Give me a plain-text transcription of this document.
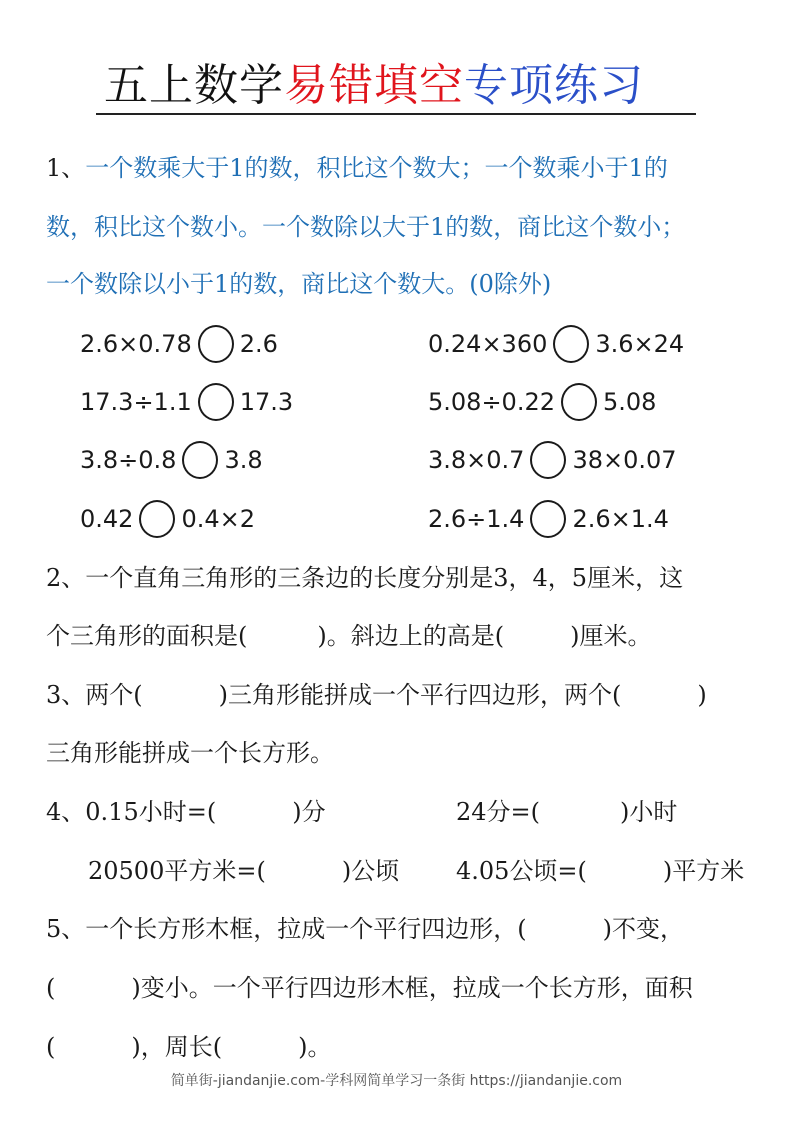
五上数学易错填空专项练习
1、一个数乘大于1的数，积比这个数大；一个数乘小于1的
数，积比这个数小。一个数除以大于1的数，商比这个数小；
一个数除以小于1的数，商比这个数大。(0除外)
2.6×0.78 2.6	0.24×360 3.6×24
17.3÷1.1 17.3	5.08÷0.22 5.08
3.8÷0.8 3.8	3.8×0.7 38×0.07
0.42 0.4×2	2.6÷1.4 2.6×1.4
2、一个直角三角形的三条边的长度分别是3，4，5厘米，这
个三角形的面积是(	)。斜边上的高是(	)厘米。
3、两个(	)三角形能拼成一个平行四边形，两个(	)
三角形能拼成一个长方形。
4、0.15小时=(	)分	24分=(	)小时
20500平方米=(	)公顷 4.05公顷=(	)平方米
5、一个长方形木框，拉成一个平行四边形，(	)不变，
(	)变小。一个平行四边形木框，拉成一个长方形，面积
(	)，周长(	)。
简单街-jiandanjie.com-学科网简单学习一条街 https://jiandanjie.com
